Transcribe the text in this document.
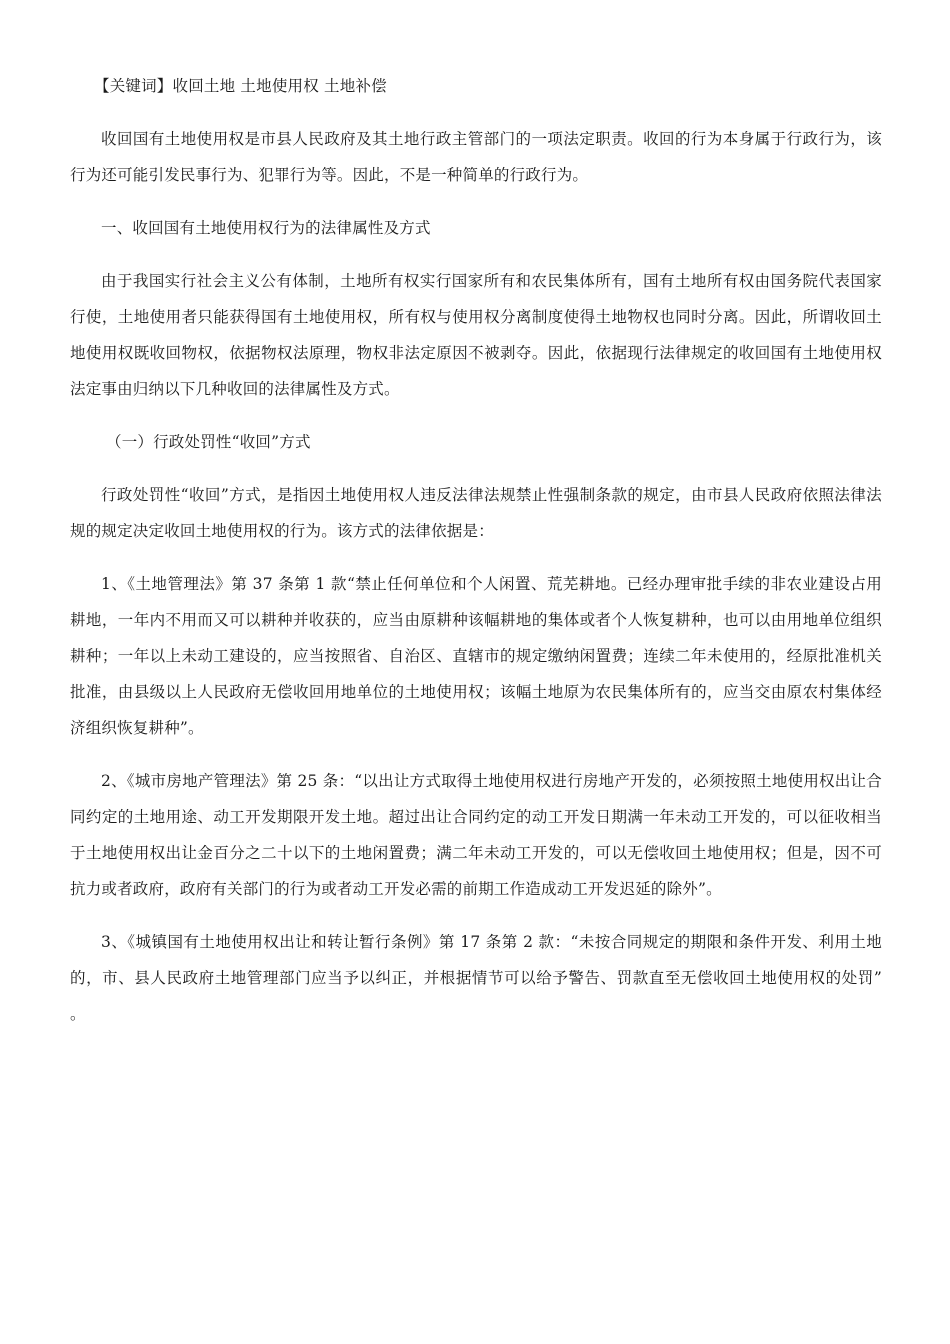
【关键词】收回土地 土地使用权 土地补偿

收回国有土地使用权是市县人民政府及其土地行政主管部门的一项法定职责。收回的行为本身属于行政行为，该行为还可能引发民事行为、犯罪行为等。因此，不是一种简单的行政行为。

一、收回国有土地使用权行为的法律属性及方式

由于我国实行社会主义公有体制，土地所有权实行国家所有和农民集体所有，国有土地所有权由国务院代表国家行使，土地使用者只能获得国有土地使用权，所有权与使用权分离制度使得土地物权也同时分离。因此，所谓收回土地使用权既收回物权，依据物权法原理，物权非法定原因不被剥夺。因此，依据现行法律规定的收回国有土地使用权法定事由归纳以下几种收回的法律属性及方式。

（一）行政处罚性“收回”方式

行政处罚性“收回”方式，是指因土地使用权人违反法律法规禁止性强制条款的规定，由市县人民政府依照法律法规的规定决定收回土地使用权的行为。该方式的法律依据是：

1、《土地管理法》第 37 条第 1 款“禁止任何单位和个人闲置、荒芜耕地。已经办理审批手续的非农业建设占用耕地，一年内不用而又可以耕种并收获的，应当由原耕种该幅耕地的集体或者个人恢复耕种，也可以由用地单位组织耕种；一年以上未动工建设的，应当按照省、自治区、直辖市的规定缴纳闲置费；连续二年未使用的，经原批准机关批准，由县级以上人民政府无偿收回用地单位的土地使用权；该幅土地原为农民集体所有的，应当交由原农村集体经济组织恢复耕种”。

2、《城市房地产管理法》第 25 条：“以出让方式取得土地使用权进行房地产开发的，必须按照土地使用权出让合同约定的土地用途、动工开发期限开发土地。超过出让合同约定的动工开发日期满一年未动工开发的，可以征收相当于土地使用权出让金百分之二十以下的土地闲置费；满二年未动工开发的，可以无偿收回土地使用权；但是，因不可抗力或者政府，政府有关部门的行为或者动工开发必需的前期工作造成动工开发迟延的除外”。

3、《城镇国有土地使用权出让和转让暂行条例》第 17 条第 2 款：“未按合同规定的期限和条件开发、利用土地的，市、县人民政府土地管理部门应当予以纠正，并根据情节可以给予警告、罚款直至无偿收回土地使用权的处罚” 。
